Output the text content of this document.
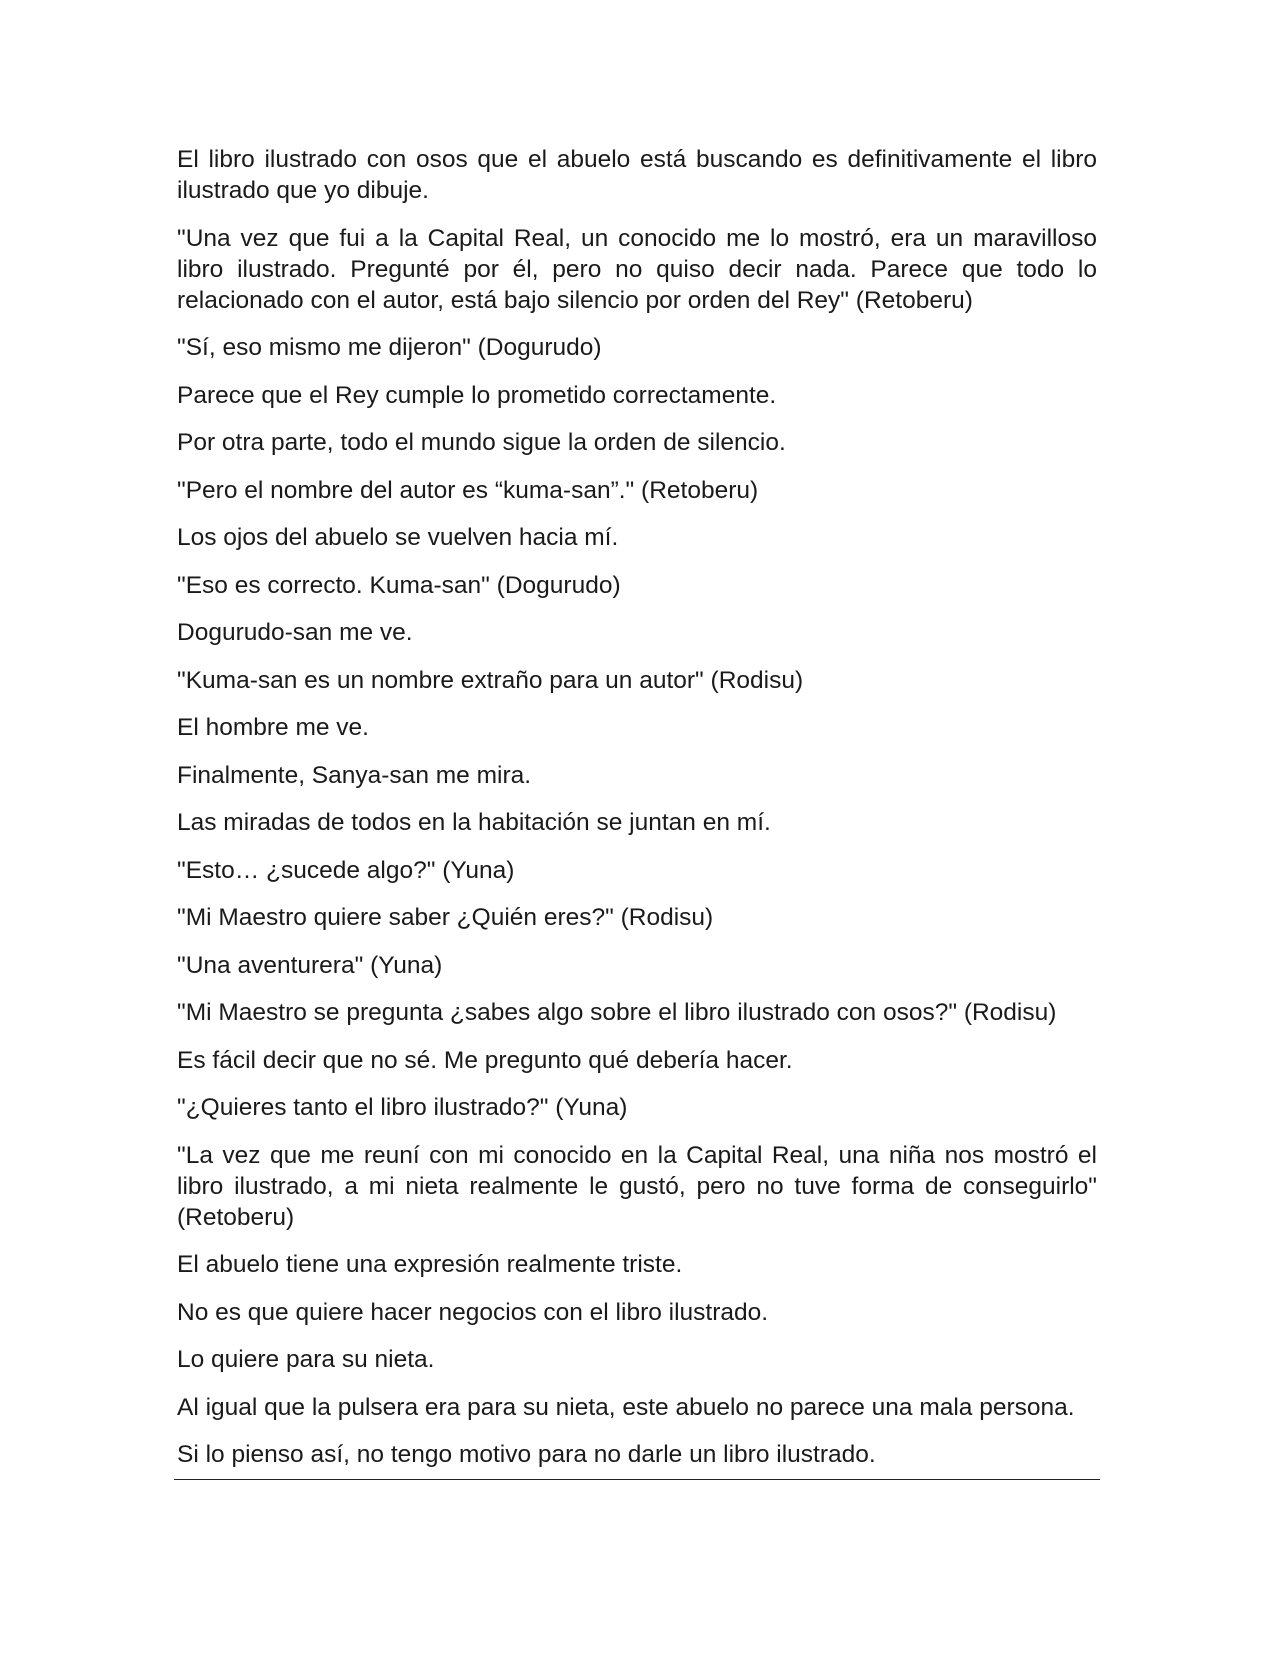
El libro ilustrado con osos que el abuelo está buscando es definitivamente el libro ilustrado que yo dibuje.

"Una vez que fui a la Capital Real, un conocido me lo mostró, era un maravilloso libro ilustrado. Pregunté por él, pero no quiso decir nada. Parece que todo lo relacionado con el autor, está bajo silencio por orden del Rey" (Retoberu)

"Sí, eso mismo me dijeron" (Dogurudo)

Parece que el Rey cumple lo prometido correctamente.

Por otra parte, todo el mundo sigue la orden de silencio.

"Pero el nombre del autor es “kuma-san”." (Retoberu)

Los ojos del abuelo se vuelven hacia mí.

"Eso es correcto. Kuma-san" (Dogurudo)

Dogurudo-san me ve.

"Kuma-san es un nombre extraño para un autor" (Rodisu)

El hombre me ve.

Finalmente, Sanya-san me mira.

Las miradas de todos en la habitación se juntan en mí.

"Esto… ¿sucede algo?" (Yuna)

"Mi Maestro quiere saber ¿Quién eres?" (Rodisu)

"Una aventurera" (Yuna)

"Mi Maestro se pregunta ¿sabes algo sobre el libro ilustrado con osos?" (Rodisu)

Es fácil decir que no sé. Me pregunto qué debería hacer.

"¿Quieres tanto el libro ilustrado?" (Yuna)

"La vez que me reuní con mi conocido en la Capital Real, una niña nos mostró el libro ilustrado, a mi nieta realmente le gustó, pero no tuve forma de conseguirlo" (Retoberu)

El abuelo tiene una expresión realmente triste.

No es que quiere hacer negocios con el libro ilustrado.

Lo quiere para su nieta.

Al igual que la pulsera era para su nieta, este abuelo no parece una mala persona.

Si lo pienso así, no tengo motivo para no darle un libro ilustrado.
